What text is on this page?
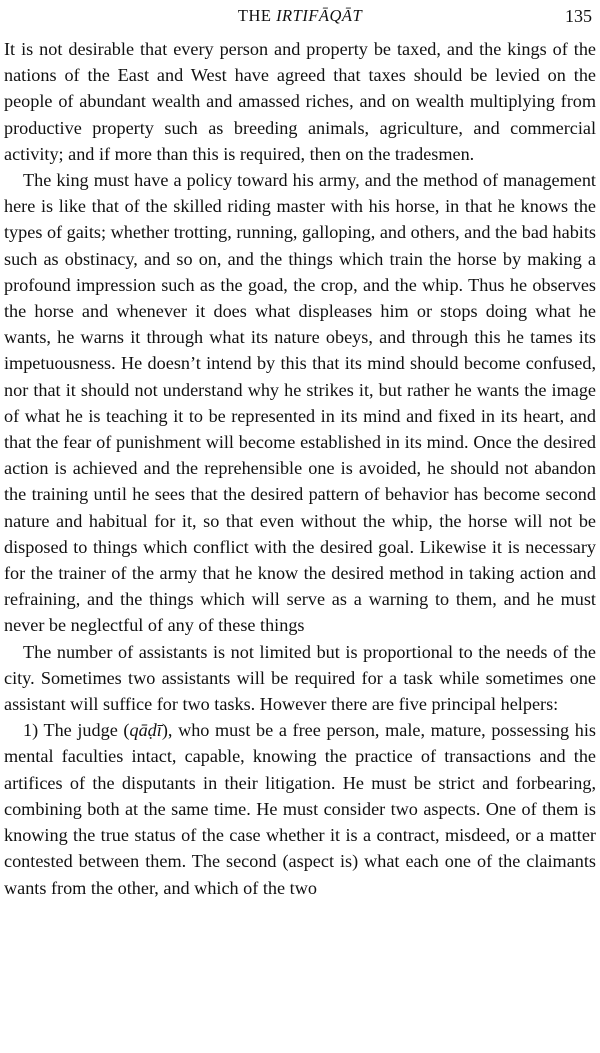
THE IRTIFĀQĀT	135

It is not desirable that every person and property be taxed, and the kings of the nations of the East and West have agreed that taxes should be levied on the people of abundant wealth and amassed riches, and on wealth multiplying from productive property such as breeding animals, agriculture, and commercial activity; and if more than this is required, then on the tradesmen.

The king must have a policy toward his army, and the method of management here is like that of the skilled riding master with his horse, in that he knows the types of gaits; whether trotting, running, galloping, and others, and the bad habits such as obstinacy, and so on, and the things which train the horse by making a profound impression such as the goad, the crop, and the whip. Thus he observes the horse and whenever it does what displeases him or stops doing what he wants, he warns it through what its nature obeys, and through this he tames its impetuousness. He doesn’t intend by this that its mind should become confused, nor that it should not understand why he strikes it, but rather he wants the image of what he is teaching it to be represented in its mind and fixed in its heart, and that the fear of punishment will become established in its mind. Once the desired action is achieved and the reprehensible one is avoided, he should not abandon the training until he sees that the desired pattern of behavior has become second nature and habitual for it, so that even without the whip, the horse will not be disposed to things which conflict with the desired goal. Likewise it is necessary for the trainer of the army that he know the desired method in taking action and refraining, and the things which will serve as a warning to them, and he must never be neglectful of any of these things

The number of assistants is not limited but is proportional to the needs of the city. Sometimes two assistants will be required for a task while sometimes one assistant will suffice for two tasks. However there are five principal helpers:

1) The judge (qāḍī), who must be a free person, male, mature, possessing his mental faculties intact, capable, knowing the practice of transactions and the artifices of the disputants in their litigation. He must be strict and forbearing, combining both at the same time. He must consider two aspects. One of them is knowing the true status of the case whether it is a contract, misdeed, or a matter contested between them. The second (aspect is) what each one of the claimants wants from the other, and which of the two
